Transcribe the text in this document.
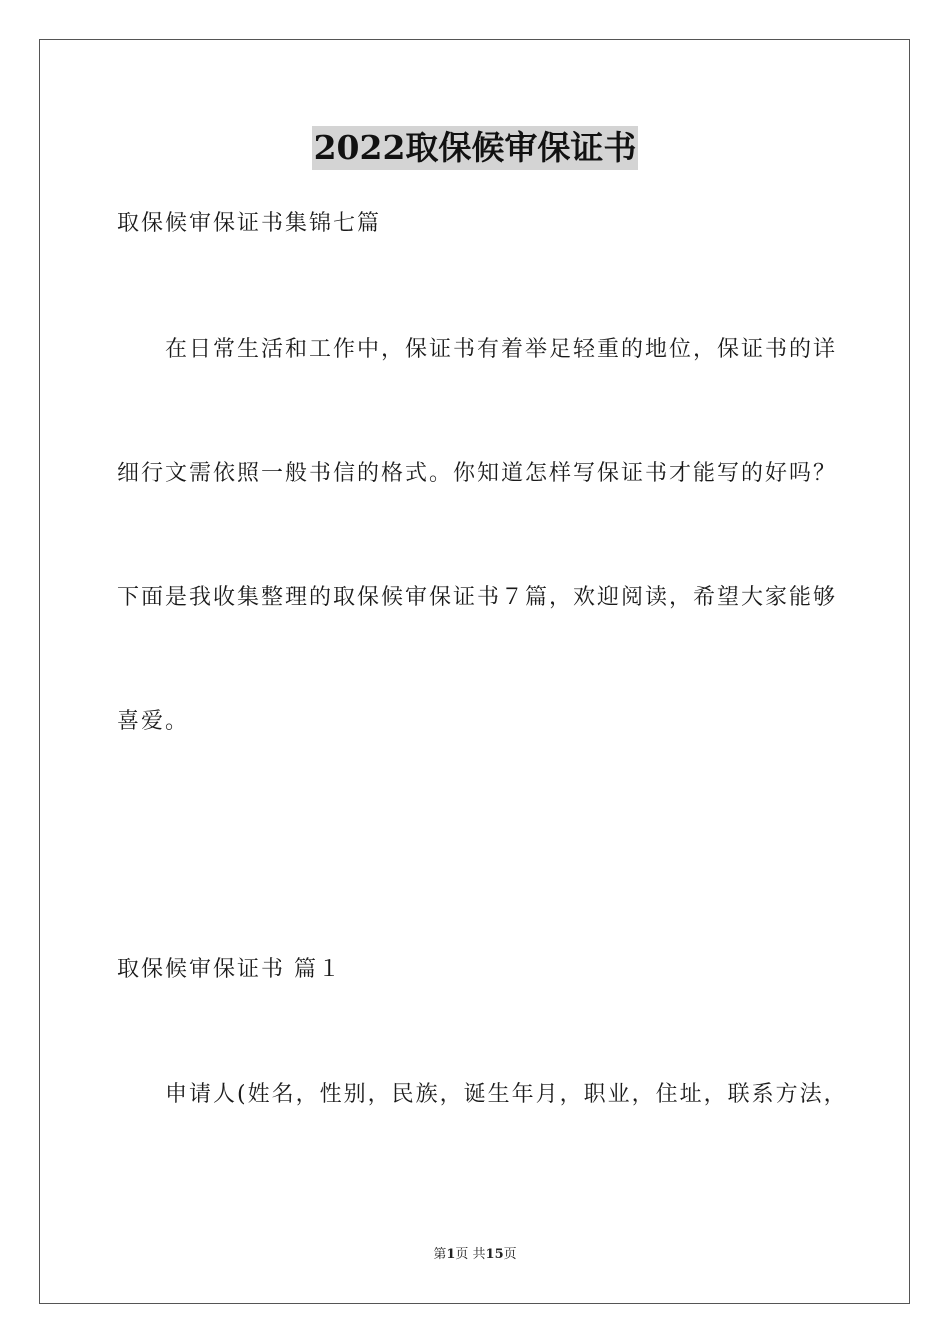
2022取保候审保证书
取保候审保证书集锦七篇
在日常生活和工作中，保证书有着举足轻重的地位，保证书的详
细行文需依照一般书信的格式。你知道怎样写保证书才能写的好吗？
下面是我收集整理的取保候审保证书７篇，欢迎阅读，希望大家能够
喜爱。
取保候审保证书 篇１
申请人(姓名，性别，民族，诞生年月，职业，住址，联系方法，
第1页 共15页
